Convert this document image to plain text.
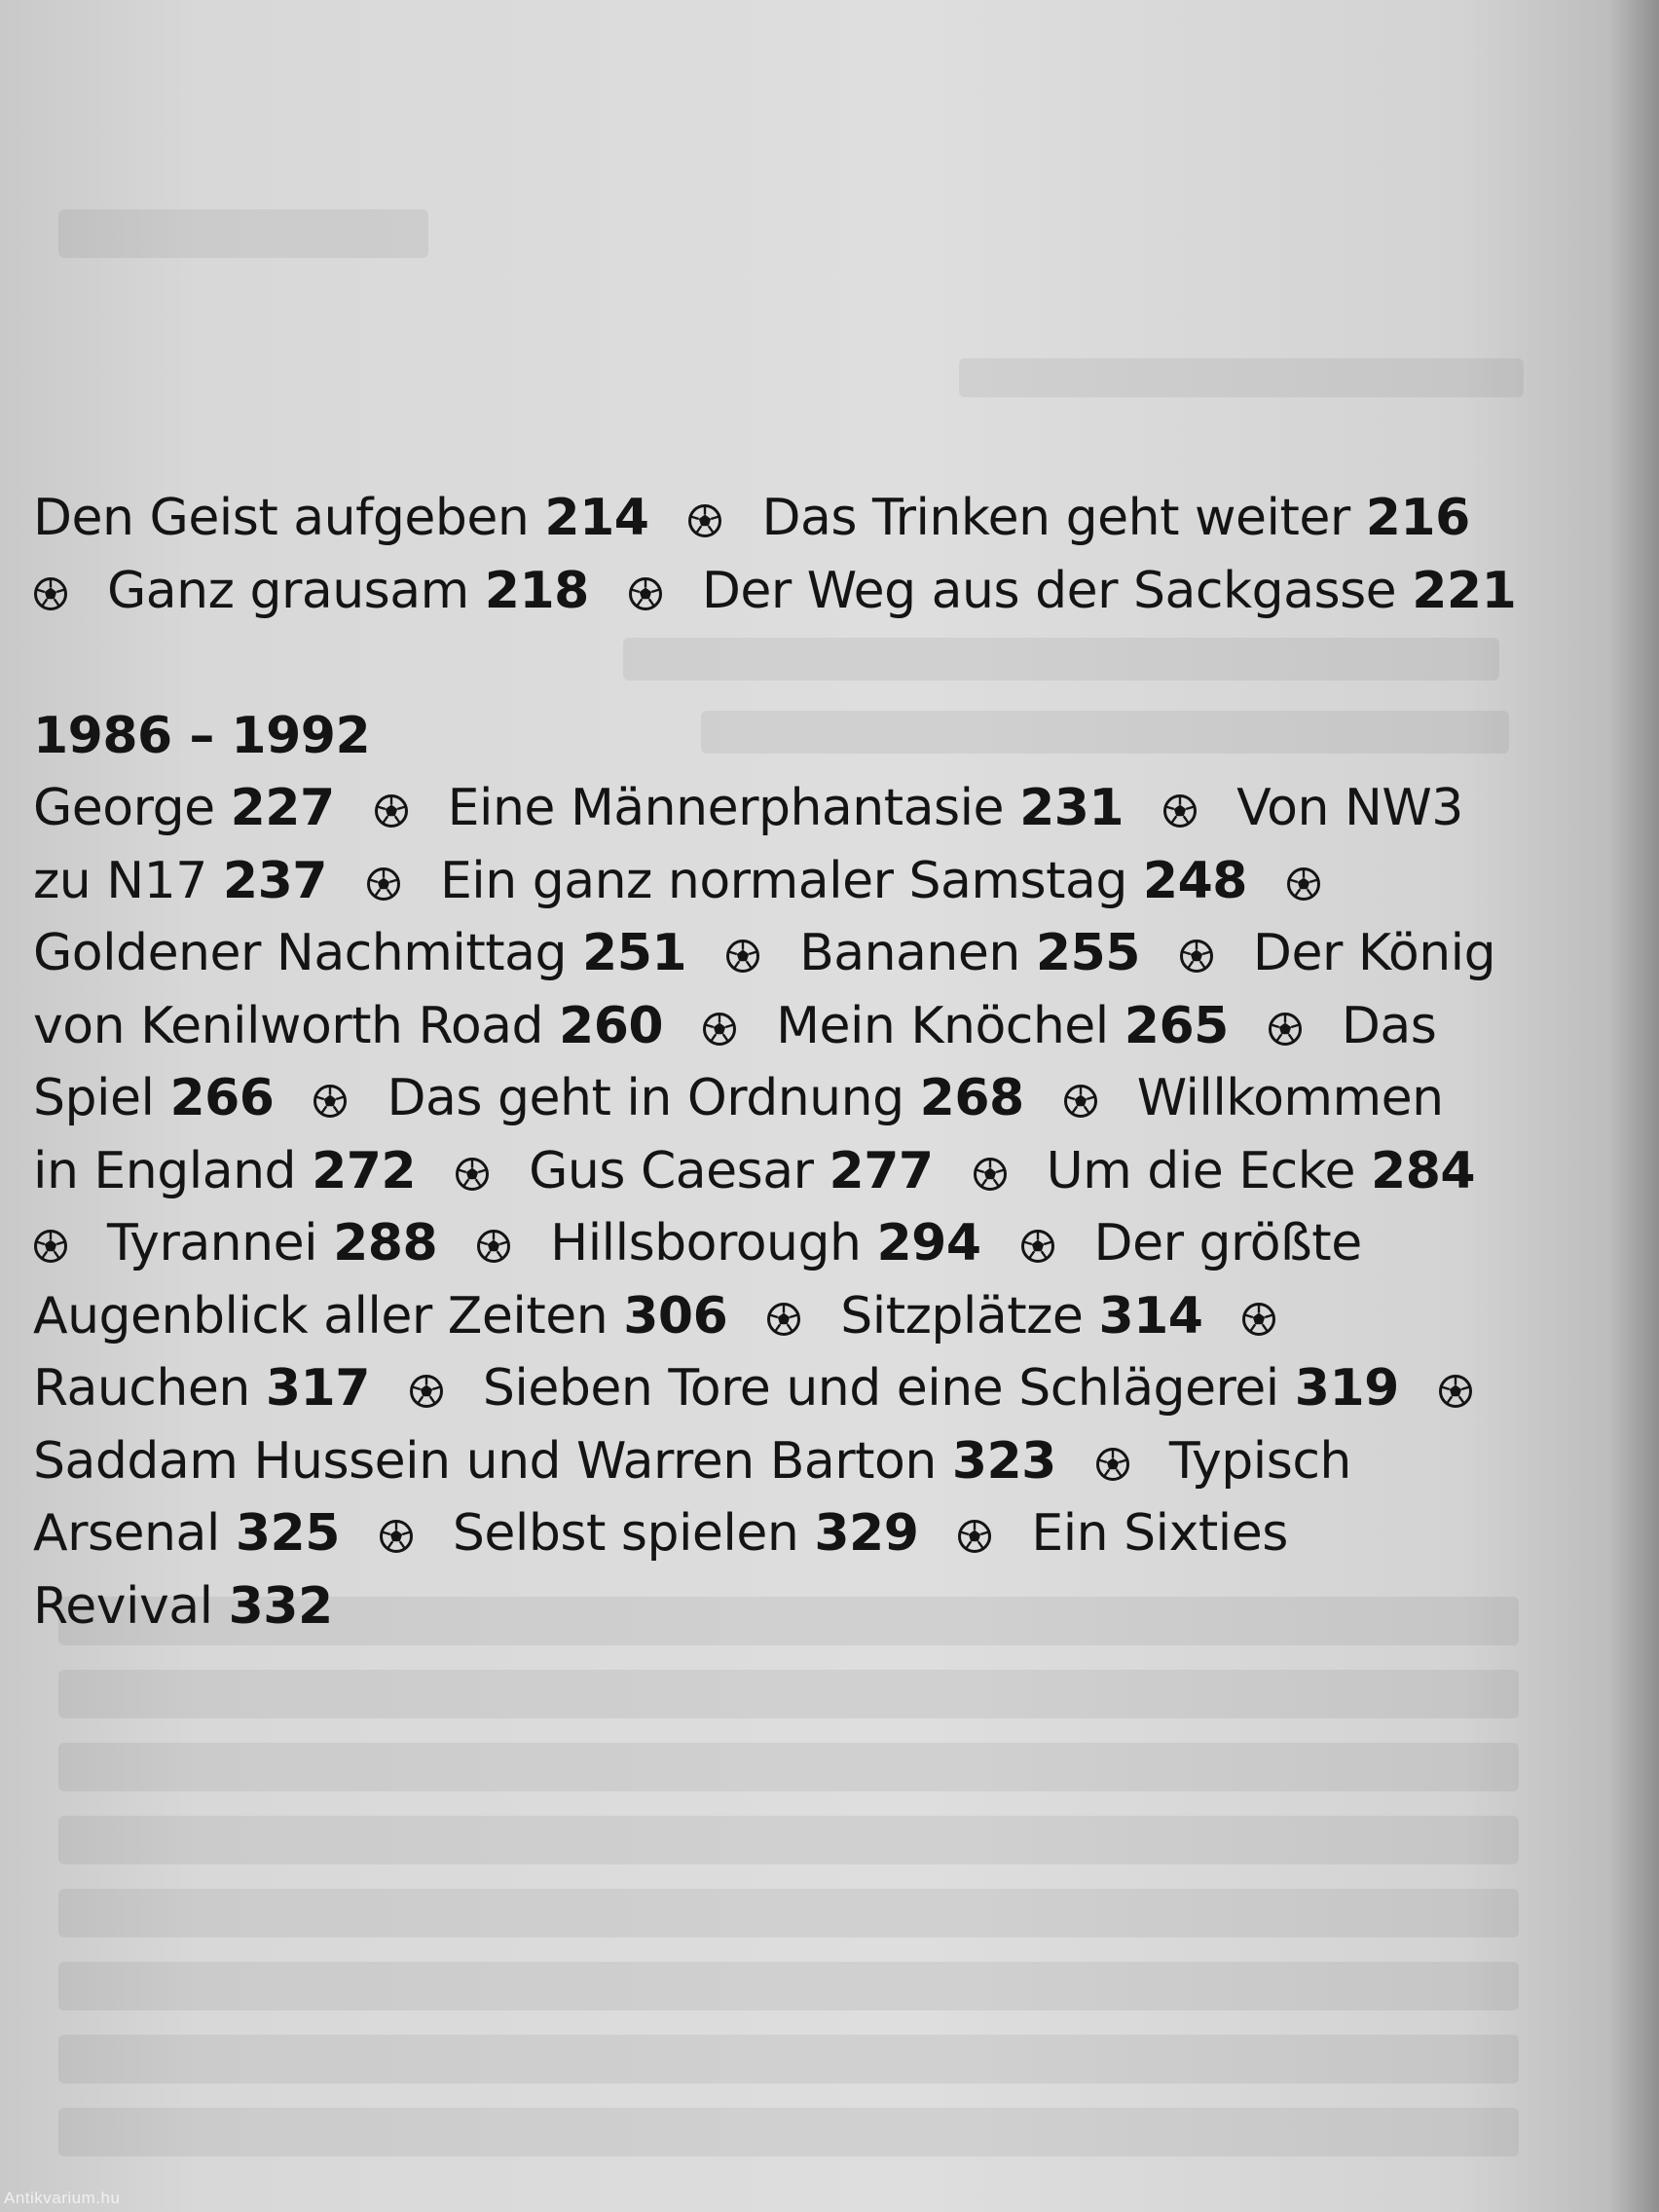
Den Geist aufgeben 214 Das Trinken geht weiter 216
Ganz grausam 218 Der Weg aus der Sackgasse 221
1986 – 1992
George 227 Eine Männerphantasie 231 Von NW3
zu N17 237 Ein ganz normaler Samstag 248
Goldener Nachmittag 251 Bananen 255 Der König
von Kenilworth Road 260 Mein Knöchel 265 Das
Spiel 266 Das geht in Ordnung 268 Willkommen
in England 272 Gus Caesar 277 Um die Ecke 284
Tyrannei 288 Hillsborough 294 Der größte
Augenblick aller Zeiten 306 Sitzplätze 314
Rauchen 317 Sieben Tore und eine Schlägerei 319
Saddam Hussein und Warren Barton 323 Typisch
Arsenal 325 Selbst spielen 329 Ein Sixties
Revival 332
Antikvarium.hu
